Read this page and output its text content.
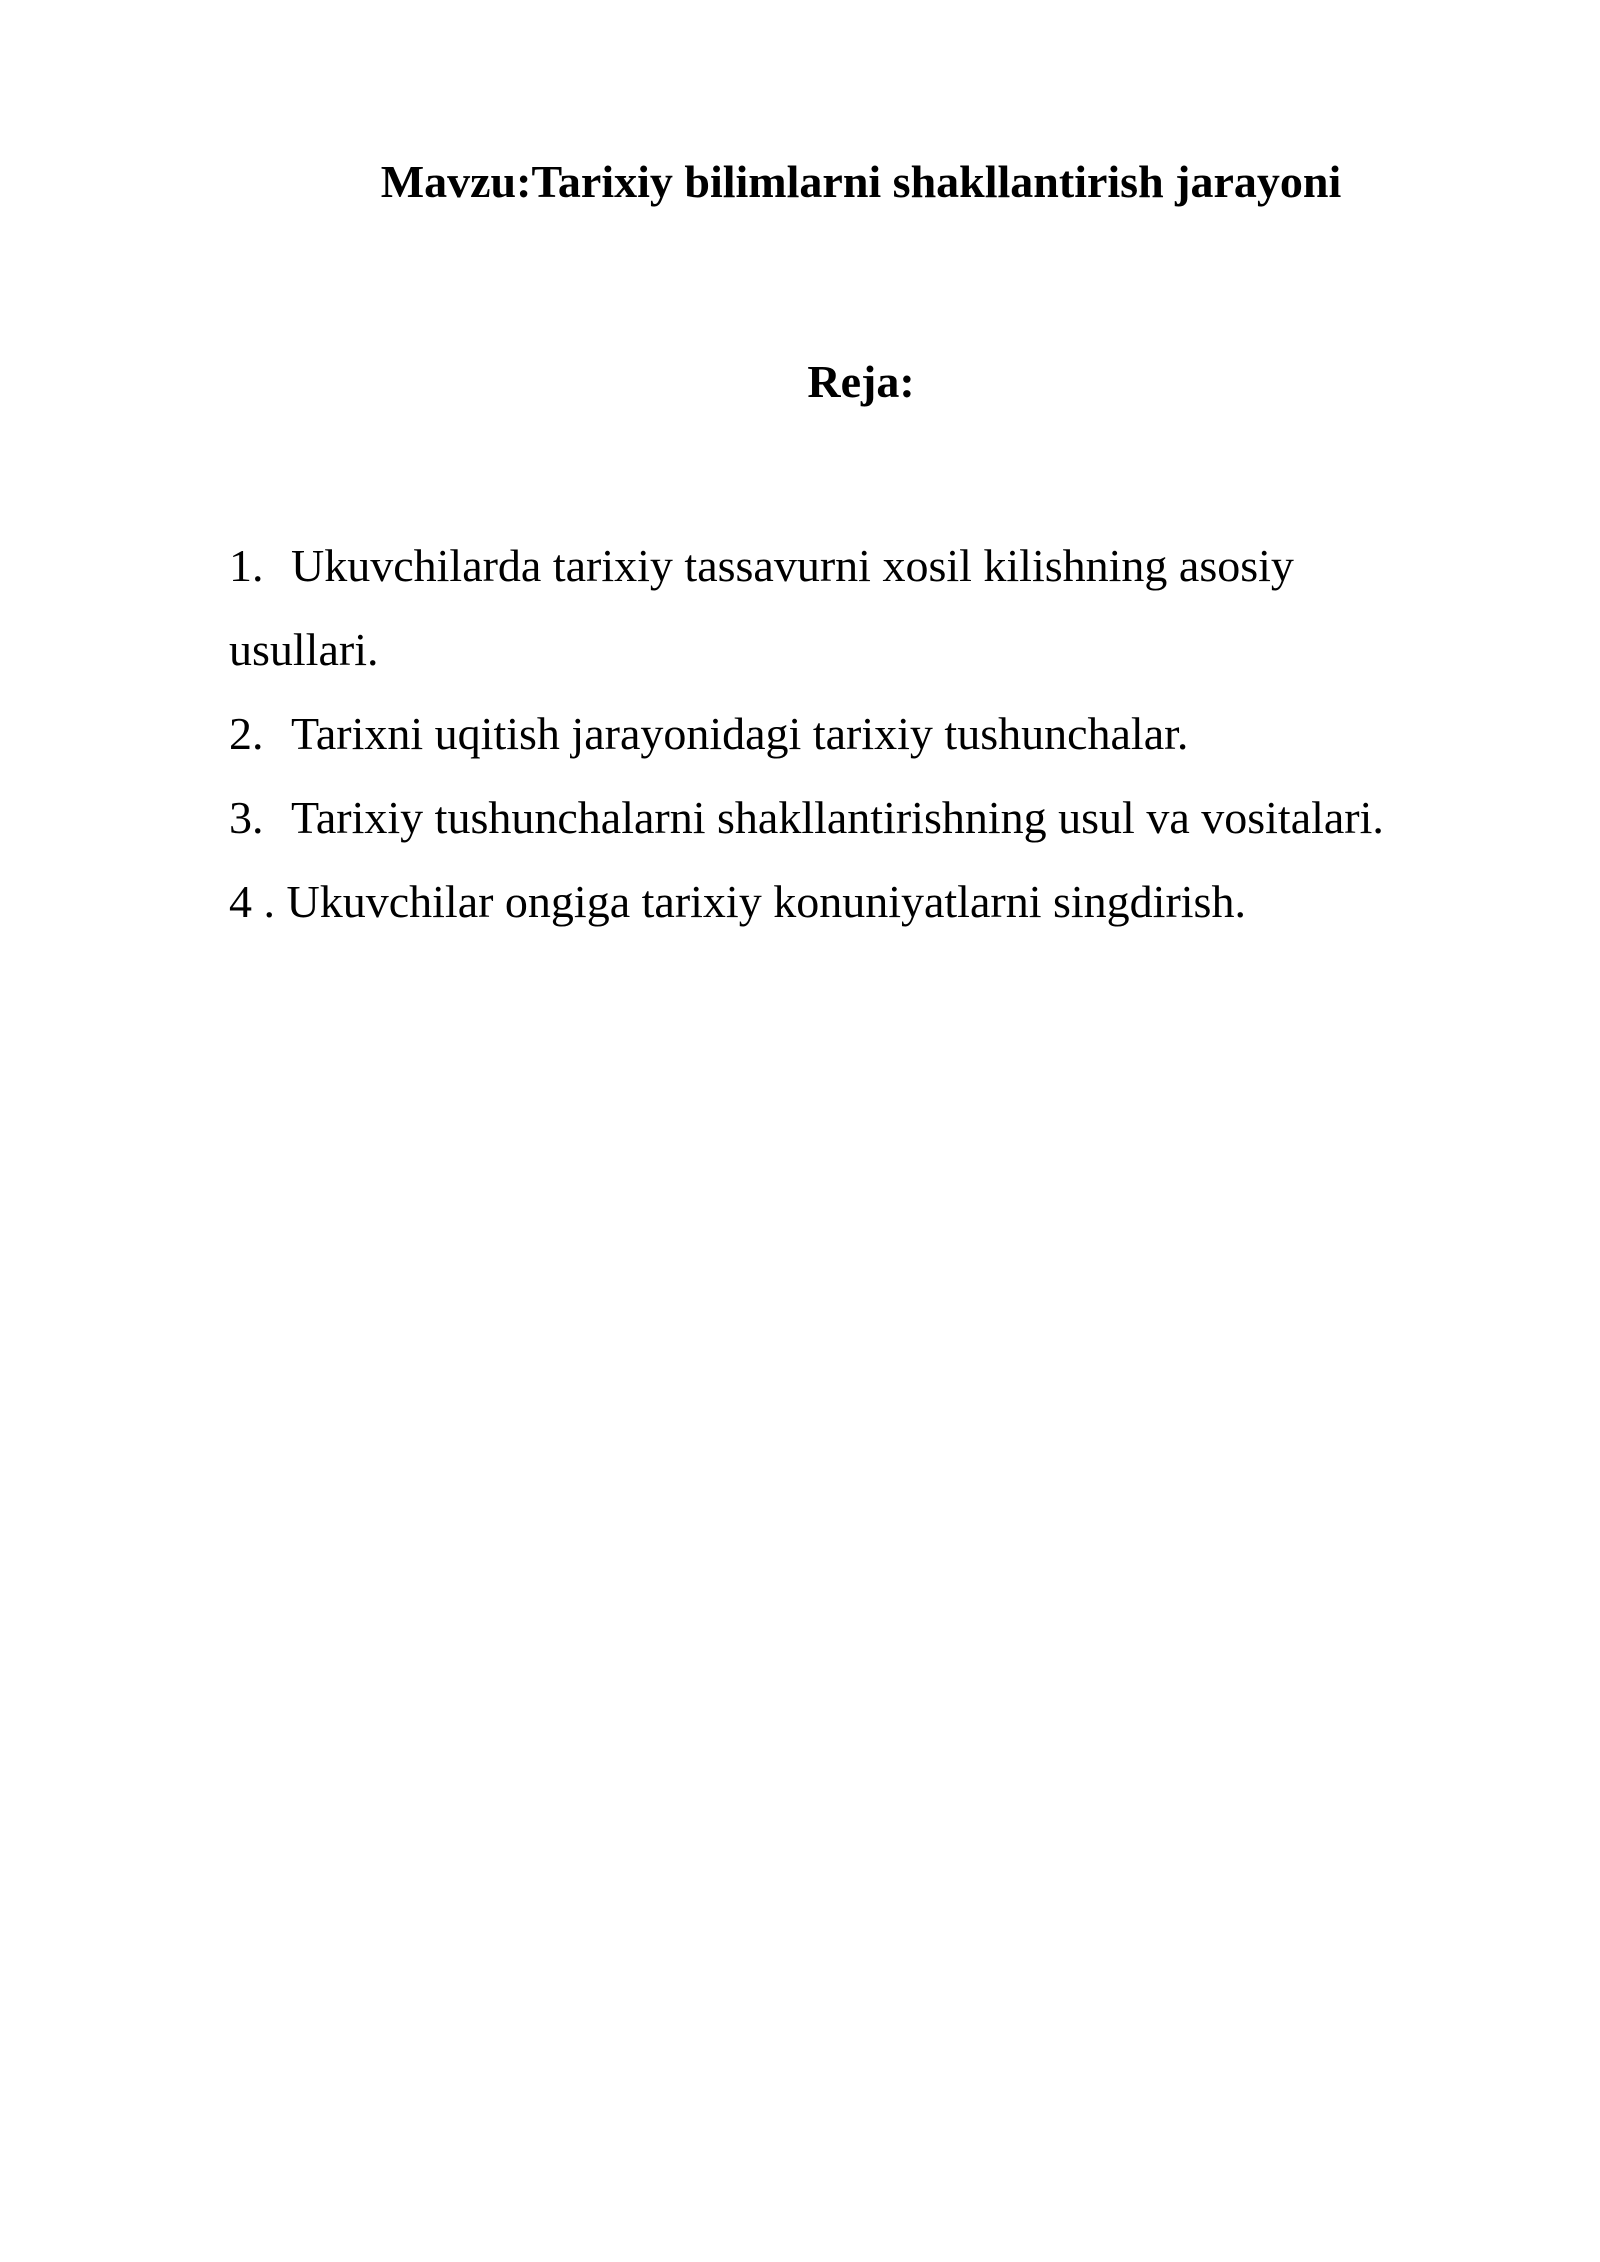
Mavzu:Tarixiy bilimlarni shakllantirish jarayoni
Reja:
1. Ukuvchilarda tarixiy tassavurni xosil kilishning asosiy
usullari.
2. Tarixni uqitish jarayonidagi tarixiy tushunchalar.
3. Tarixiy tushunchalarni shakllantirishning usul va vositalari.
4 . Ukuvchilar ongiga tarixiy konuniyatlarni singdirish.
